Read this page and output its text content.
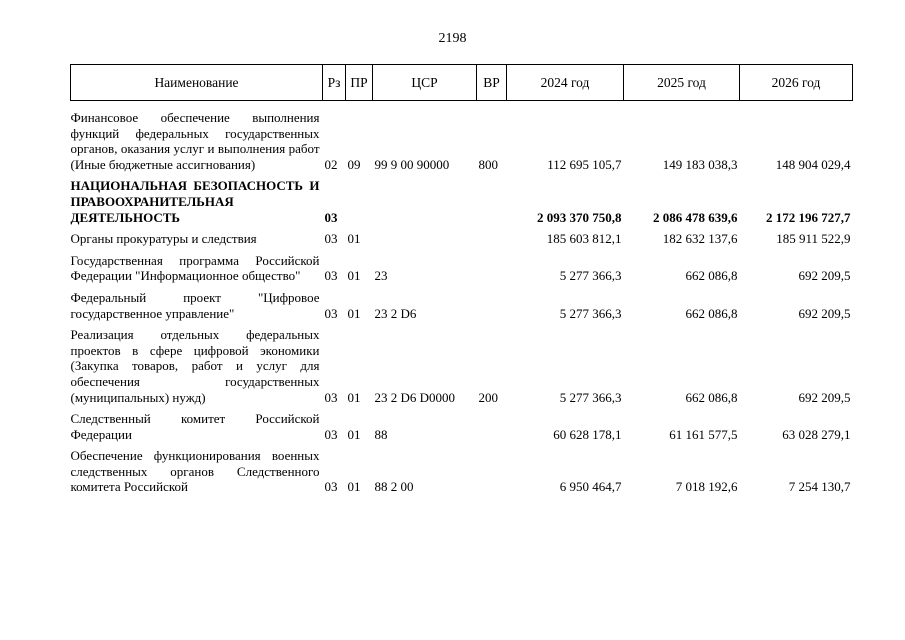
2198
Наименование	Рз	ПР	ЦСР	ВР	2024 год	2025 год	2026 год
Финансовое обеспечение выполнения функций федеральных государственных органов, оказания услуг и выполнения работ (Иные бюджетные ассигнования)	02	09	99 9 00 90000	800	112 695 105,7	149 183 038,3	148 904 029,4
НАЦИОНАЛЬНАЯ БЕЗОПАСНОСТЬ И ПРАВООХРАНИТЕЛЬНАЯ ДЕЯТЕЛЬНОСТЬ	03				2 093 370 750,8	2 086 478 639,6	2 172 196 727,7
Органы прокуратуры и следствия	03	01			185 603 812,1	182 632 137,6	185 911 522,9
Государственная программа Российской Федерации "Информационное общество"	03	01	23		5 277 366,3	662 086,8	692 209,5
Федеральный проект "Цифровое государственное управление"	03	01	23 2 D6		5 277 366,3	662 086,8	692 209,5
Реализация отдельных федеральных проектов в сфере цифровой экономики (Закупка товаров, работ и услуг для обеспечения государственных (муниципальных) нужд)	03	01	23 2 D6 D0000	200	5 277 366,3	662 086,8	692 209,5
Следственный комитет Российской Федерации	03	01	88		60 628 178,1	61 161 577,5	63 028 279,1
Обеспечение функционирования военных следственных органов Следственного комитета Российской	03	01	88 2 00		6 950 464,7	7 018 192,6	7 254 130,7
